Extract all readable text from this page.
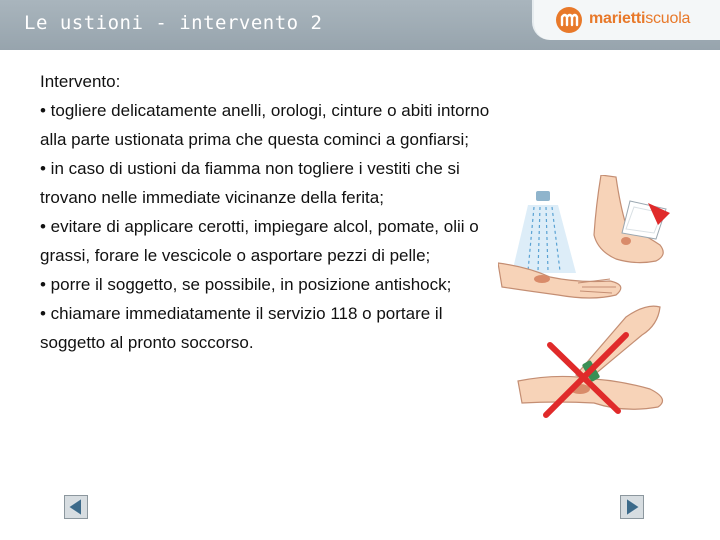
Le ustioni - intervento 2	mariettiscuola

Intervento:

• togliere delicatamente anelli, orologi, cinture o abiti intorno alla parte ustionata prima che questa cominci a gonfiarsi;

• in caso di ustioni da fiamma non togliere i vestiti che si trovano nelle immediate vicinanze della ferita;

• evitare di applicare cerotti, impiegare alcol, pomate, olii o grassi, forare le vescicole o asportare pezzi di pelle;

• porre il soggetto, se possibile, in posizione antishock;

• chiamare immediatamente il servizio 118 o portare il soggetto al pronto soccorso.
